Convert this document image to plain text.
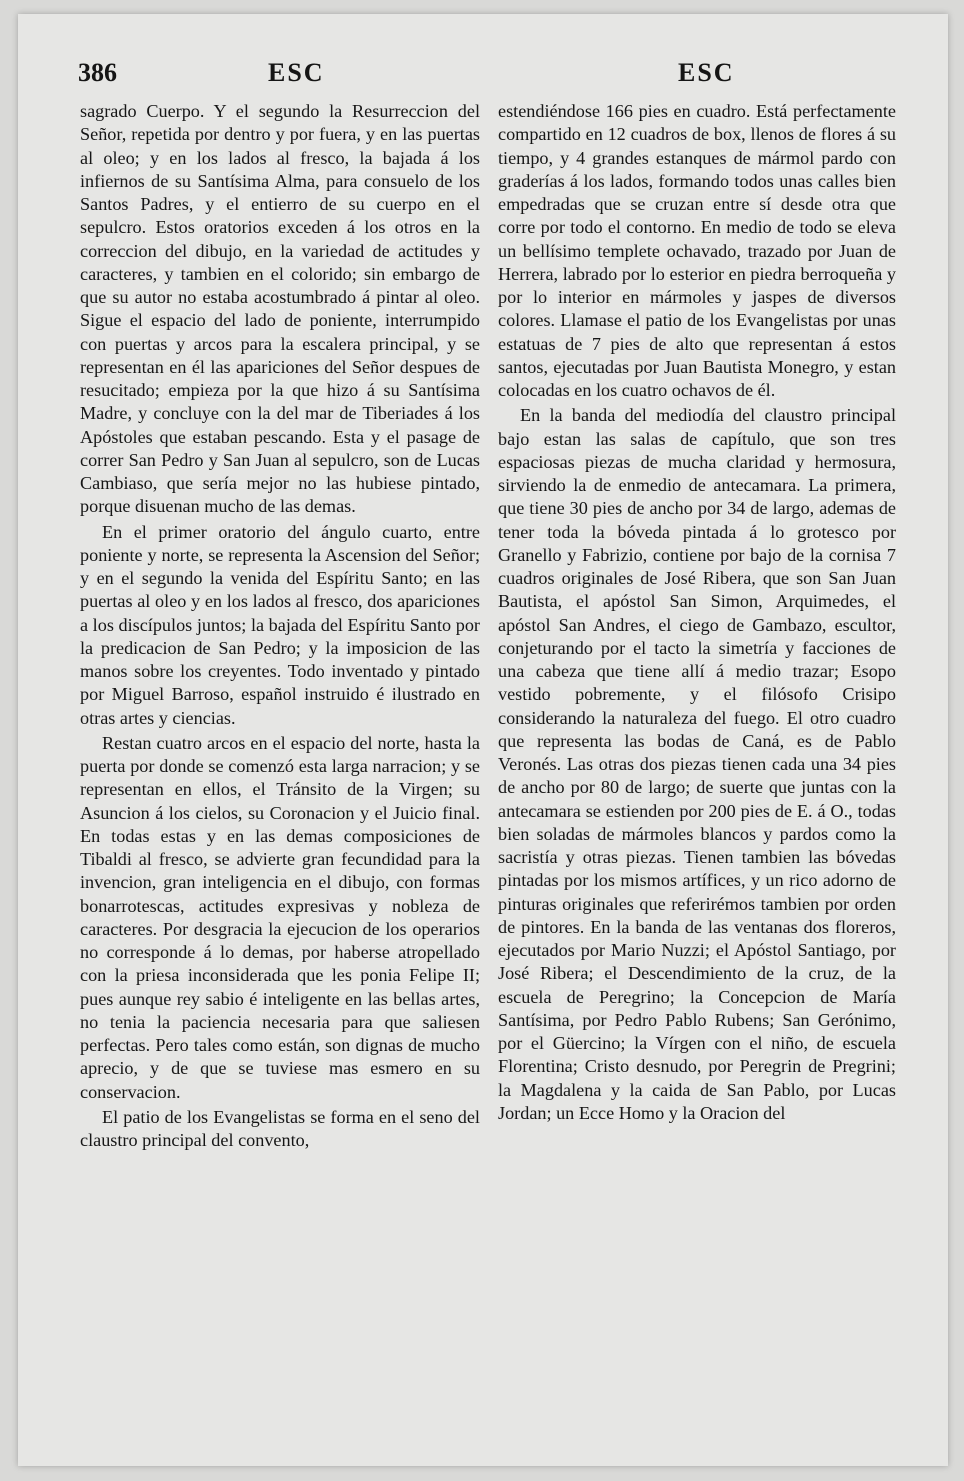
386	ESC	ESC

sagrado Cuerpo. Y el segundo la Resurreccion del Señor, repetida por dentro y por fuera, y en las puertas al oleo; y en los lados al fresco, la bajada á los infiernos de su Santísima Alma, para consuelo de los Santos Padres, y el entierro de su cuerpo en el sepulcro. Estos oratorios exceden á los otros en la correccion del dibujo, en la variedad de actitudes y caracteres, y tambien en el colorido; sin embargo de que su autor no estaba acostumbrado á pintar al oleo. Sigue el espacio del lado de poniente, interrumpido con puertas y arcos para la escalera principal, y se representan en él las apariciones del Señor despues de resucitado; empieza por la que hizo á su Santísima Madre, y concluye con la del mar de Tiberiades á los Apóstoles que estaban pescando. Esta y el pasage de correr San Pedro y San Juan al sepulcro, son de Lucas Cambiaso, que sería mejor no las hubiese pintado, porque disuenan mucho de las demas.

En el primer oratorio del ángulo cuarto, entre poniente y norte, se representa la Ascension del Señor; y en el segundo la venida del Espíritu Santo; en las puertas al oleo y en los lados al fresco, dos apariciones a los discípulos juntos; la bajada del Espíritu Santo por la predicacion de San Pedro; y la imposicion de las manos sobre los creyentes. Todo inventado y pintado por Miguel Barroso, español instruido é ilustrado en otras artes y ciencias.

Restan cuatro arcos en el espacio del norte, hasta la puerta por donde se comenzó esta larga narracion; y se representan en ellos, el Tránsito de la Virgen; su Asuncion á los cielos, su Coronacion y el Juicio final. En todas estas y en las demas composiciones de Tibaldi al fresco, se advierte gran fecundidad para la invencion, gran inteligencia en el dibujo, con formas bonarrotescas, actitudes expresivas y nobleza de caracteres. Por desgracia la ejecucion de los operarios no corresponde á lo demas, por haberse atropellado con la priesa inconsiderada que les ponia Felipe II; pues aunque rey sabio é inteligente en las bellas artes, no tenia la paciencia necesaria para que saliesen perfectas. Pero tales como están, son dignas de mucho aprecio, y de que se tuviese mas esmero en su conservacion.

El patio de los Evangelistas se forma en el seno del claustro principal del convento,

estendiéndose 166 pies en cuadro. Está perfectamente compartido en 12 cuadros de box, llenos de flores á su tiempo, y 4 grandes estanques de mármol pardo con graderías á los lados, formando todos unas calles bien empedradas que se cruzan entre sí desde otra que corre por todo el contorno. En medio de todo se eleva un bellísimo templete ochavado, trazado por Juan de Herrera, labrado por lo esterior en piedra berroqueña y por lo interior en mármoles y jaspes de diversos colores. Llamase el patio de los Evangelistas por unas estatuas de 7 pies de alto que representan á estos santos, ejecutadas por Juan Bautista Monegro, y estan colocadas en los cuatro ochavos de él.

En la banda del mediodía del claustro principal bajo estan las salas de capítulo, que son tres espaciosas piezas de mucha claridad y hermosura, sirviendo la de enmedio de antecamara. La primera, que tiene 30 pies de ancho por 34 de largo, ademas de tener toda la bóveda pintada á lo grotesco por Granello y Fabrizio, contiene por bajo de la cornisa 7 cuadros originales de José Ribera, que son San Juan Bautista, el apóstol San Simon, Arquimedes, el apóstol San Andres, el ciego de Gambazo, escultor, conjeturando por el tacto la simetría y facciones de una cabeza que tiene allí á medio trazar; Esopo vestido pobremente, y el filósofo Crisipo considerando la naturaleza del fuego. El otro cuadro que representa las bodas de Caná, es de Pablo Veronés. Las otras dos piezas tienen cada una 34 pies de ancho por 80 de largo; de suerte que juntas con la antecamara se estienden por 200 pies de E. á O., todas bien soladas de mármoles blancos y pardos como la sacristía y otras piezas. Tienen tambien las bóvedas pintadas por los mismos artífices, y un rico adorno de pinturas originales que referirémos tambien por orden de pintores. En la banda de las ventanas dos floreros, ejecutados por Mario Nuzzi; el Apóstol Santiago, por José Ribera; el Descendimiento de la cruz, de la escuela de Peregrino; la Concepcion de María Santísima, por Pedro Pablo Rubens; San Gerónimo, por el Güercino; la Vírgen con el niño, de escuela Florentina; Cristo desnudo, por Peregrin de Pregrini; la Magdalena y la caida de San Pablo, por Lucas Jordan; un Ecce Homo y la Oracion del
